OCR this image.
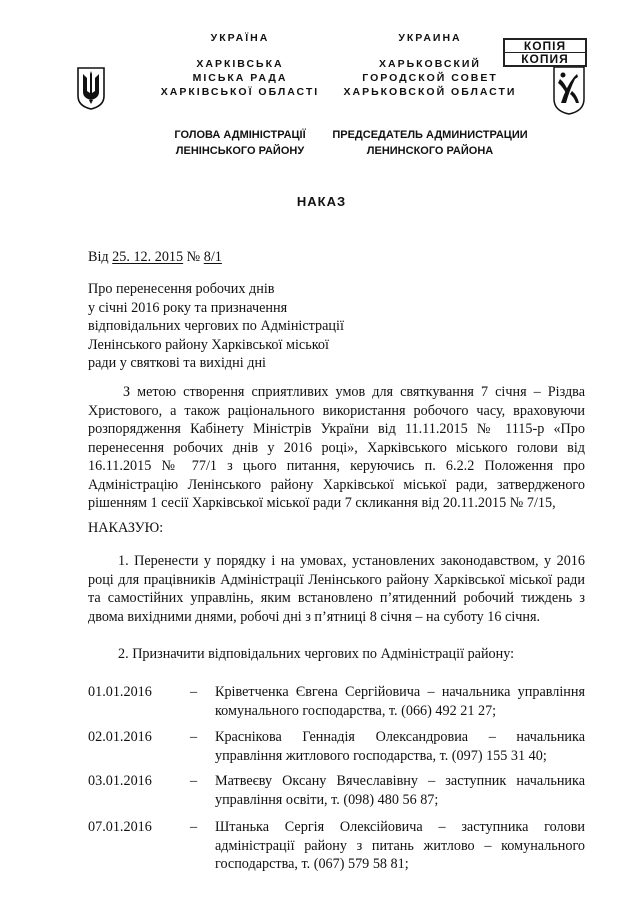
КОПІЯ
КОПИЯ
УКРАЇНА
ХАРКІВСЬКА
МІСЬКА РАДА
ХАРКІВСЬКОЇ ОБЛАСТІ
ГОЛОВА АДМІНІСТРАЦІЇ
ЛЕНІНСЬКОГО РАЙОНУ
УКРАИНА
ХАРЬКОВСКИЙ
ГОРОДСКОЙ СОВЕТ
ХАРЬКОВСКОЙ ОБЛАСТИ
ПРЕДСЕДАТЕЛЬ АДМИНИСТРАЦИИ
ЛЕНИНСКОГО РАЙОНА
НАКАЗ
Від 25. 12. 2015 № 8/1
Про перенесення робочих днів
у січні 2016 року та призначення
відповідальних чергових по Адміністрації
Ленінського району Харківської міської
ради у святкові та вихідні дні
З метою створення сприятливих умов для святкування 7 січня – Різдва Христового, а також раціонального використання робочого часу, враховуючи розпорядження Кабінету Міністрів України від 11.11.2015 № 1115-р «Про перенесення робочих днів у 2016 році», Харківського міського голови від 16.11.2015 № 77/1 з цього питання, керуючись п. 6.2.2 Положення про Адміністрацію Ленінського району Харківської міської ради, затвердженого рішенням 1 сесії Харківської міської ради 7 скликання від 20.11.2015 № 7/15,
НАКАЗУЮ:
1. Перенести у порядку і на умовах, установлених законодавством, у 2016 році для працівників Адміністрації Ленінського району Харківської міської ради та самостійних управлінь, яким встановлено п’ятиденний робочий тиждень з двома вихідними днями, робочі дні з п’ятниці 8 січня – на суботу 16 січня.
2. Призначити відповідальних чергових по Адміністрації району:
01.01.2016	– Кріветченка Євгена Сергійовича – начальника управління комунального господарства, т. (066) 492 21 27;
02.01.2016	– Краснікова Геннадія Олександровиа – начальника управління житлового господарства, т. (097) 155 31 40;
03.01.2016	– Матвеєву Оксану Вячеславівну – заступник начальника управління освіти, т. (098) 480 56 87;
07.01.2016	– Штанька Сергія Олексійовича – заступника голови адміністрації району з питань житлово – комунального господарства, т. (067) 579 58 81;
